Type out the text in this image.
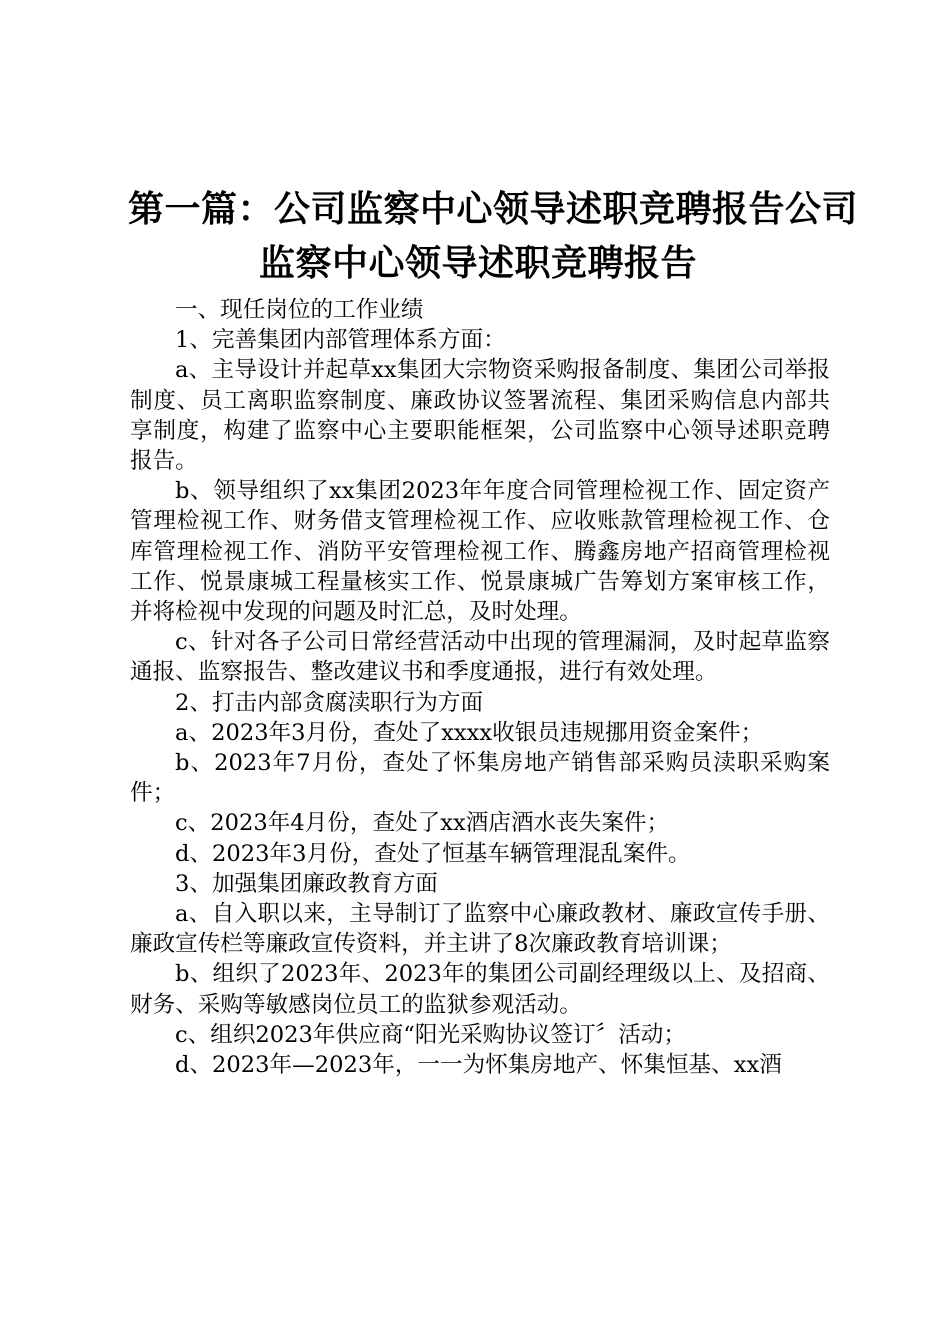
第一篇：公司监察中心领导述职竞聘报告公司
监察中心领导述职竞聘报告

一、现任岗位的工作业绩

1、完善集团内部管理体系方面：

a、主导设计并起草xx集团大宗物资采购报备制度、集团公司举报制度、员工离职监察制度、廉政协议签署流程、集团采购信息内部共享制度，构建了监察中心主要职能框架，公司监察中心领导述职竞聘报告。

b、领导组织了xx集团2023年年度合同管理检视工作、固定资产管理检视工作、财务借支管理检视工作、应收账款管理检视工作、仓库管理检视工作、消防平安管理检视工作、腾鑫房地产招商管理检视工作、悦景康城工程量核实工作、悦景康城广告筹划方案审核工作，并将检视中发现的问题及时汇总，及时处理。

c、针对各子公司日常经营活动中出现的管理漏洞，及时起草监察通报、监察报告、整改建议书和季度通报，进行有效处理。

2、打击内部贪腐渎职行为方面

a、2023年3月份，查处了xxxx收银员违规挪用资金案件；

b、2023年7月份，查处了怀集房地产销售部采购员渎职采购案件；

c、2023年4月份，查处了xx酒店酒水丧失案件；

d、2023年3月份，查处了恒基车辆管理混乱案件。

3、加强集团廉政教育方面

a、自入职以来，主导制订了监察中心廉政教材、廉政宣传手册、廉政宣传栏等廉政宣传资料，并主讲了8次廉政教育培训课；

b、组织了2023年、2023年的集团公司副经理级以上、及招商、财务、采购等敏感岗位员工的监狱参观活动。

c、组织2023年供应商“阳光采购协议签订〞活动；

d、2023年—2023年，一一为怀集房地产、怀集恒基、xx酒
